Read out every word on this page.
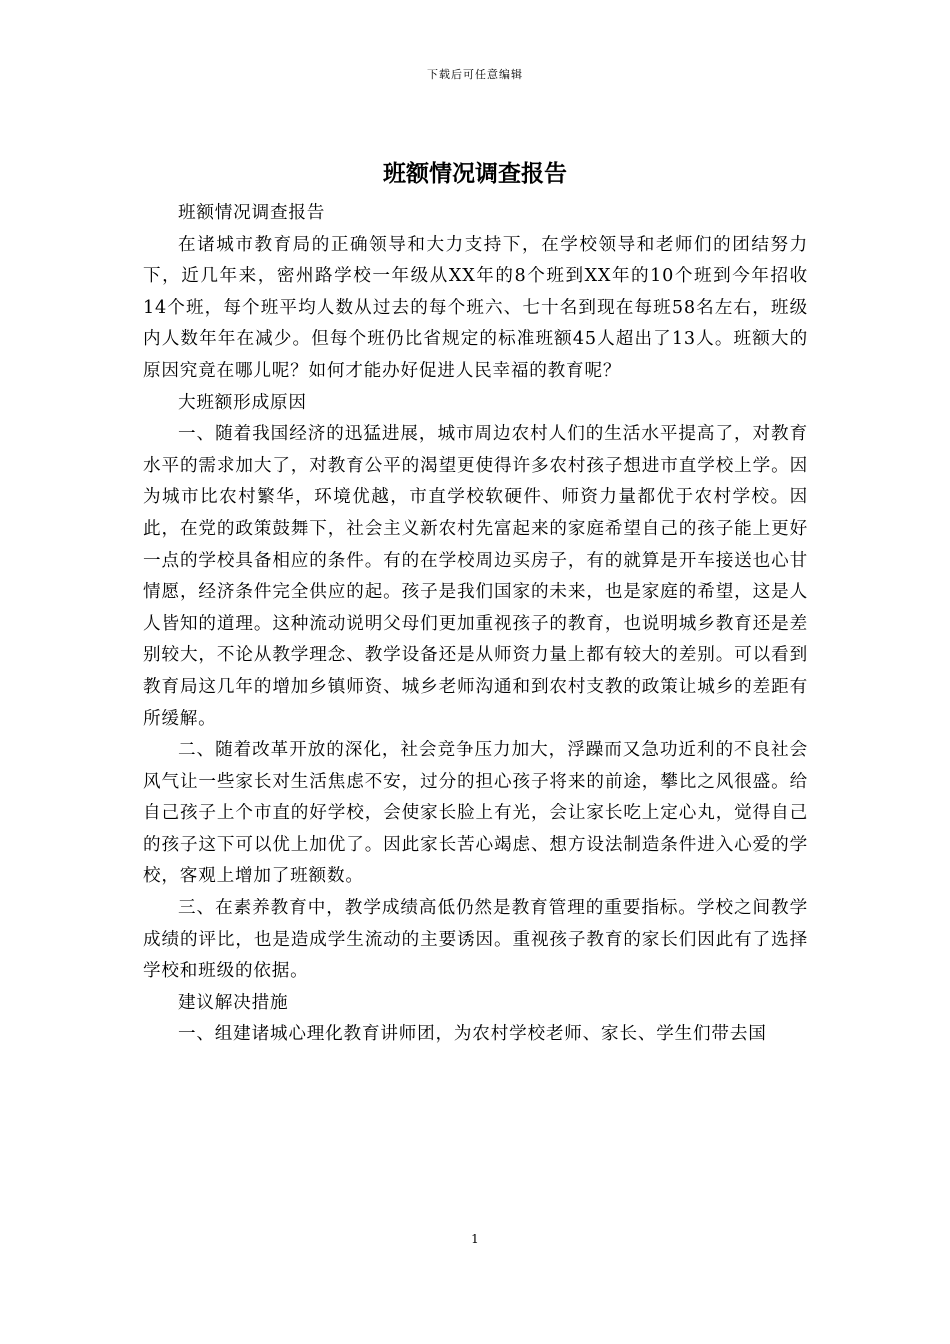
下载后可任意编辑
班额情况调查报告

班额情况调查报告

在诸城市教育局的正确领导和大力支持下，在学校领导和老师们的团结努力下，近几年来，密州路学校一年级从XX年的8个班到XX年的10个班到今年招收14个班，每个班平均人数从过去的每个班六、七十名到现在每班58名左右，班级内人数年年在减少。但每个班仍比省规定的标准班额45人超出了13人。班额大的原因究竟在哪儿呢？如何才能办好促进人民幸福的教育呢？

大班额形成原因

一、随着我国经济的迅猛进展，城市周边农村人们的生活水平提高了，对教育水平的需求加大了，对教育公平的渴望更使得许多农村孩子想进市直学校上学。因为城市比农村繁华，环境优越，市直学校软硬件、师资力量都优于农村学校。因此，在党的政策鼓舞下，社会主义新农村先富起来的家庭希望自己的孩子能上更好一点的学校具备相应的条件。有的在学校周边买房子，有的就算是开车接送也心甘情愿，经济条件完全供应的起。孩子是我们国家的未来，也是家庭的希望，这是人人皆知的道理。这种流动说明父母们更加重视孩子的教育，也说明城乡教育还是差别较大，不论从教学理念、教学设备还是从师资力量上都有较大的差别。可以看到教育局这几年的增加乡镇师资、城乡老师沟通和到农村支教的政策让城乡的差距有所缓解。

二、随着改革开放的深化，社会竞争压力加大，浮躁而又急功近利的不良社会风气让一些家长对生活焦虑不安，过分的担心孩子将来的前途，攀比之风很盛。给自己孩子上个市直的好学校，会使家长脸上有光，会让家长吃上定心丸，觉得自己的孩子这下可以优上加优了。因此家长苦心竭虑、想方设法制造条件进入心爱的学校，客观上增加了班额数。

三、在素养教育中，教学成绩高低仍然是教育管理的重要指标。学校之间教学成绩的评比，也是造成学生流动的主要诱因。重视孩子教育的家长们因此有了选择学校和班级的依据。

建议解决措施

一、组建诸城心理化教育讲师团，为农村学校老师、家长、学生们带去国

1
